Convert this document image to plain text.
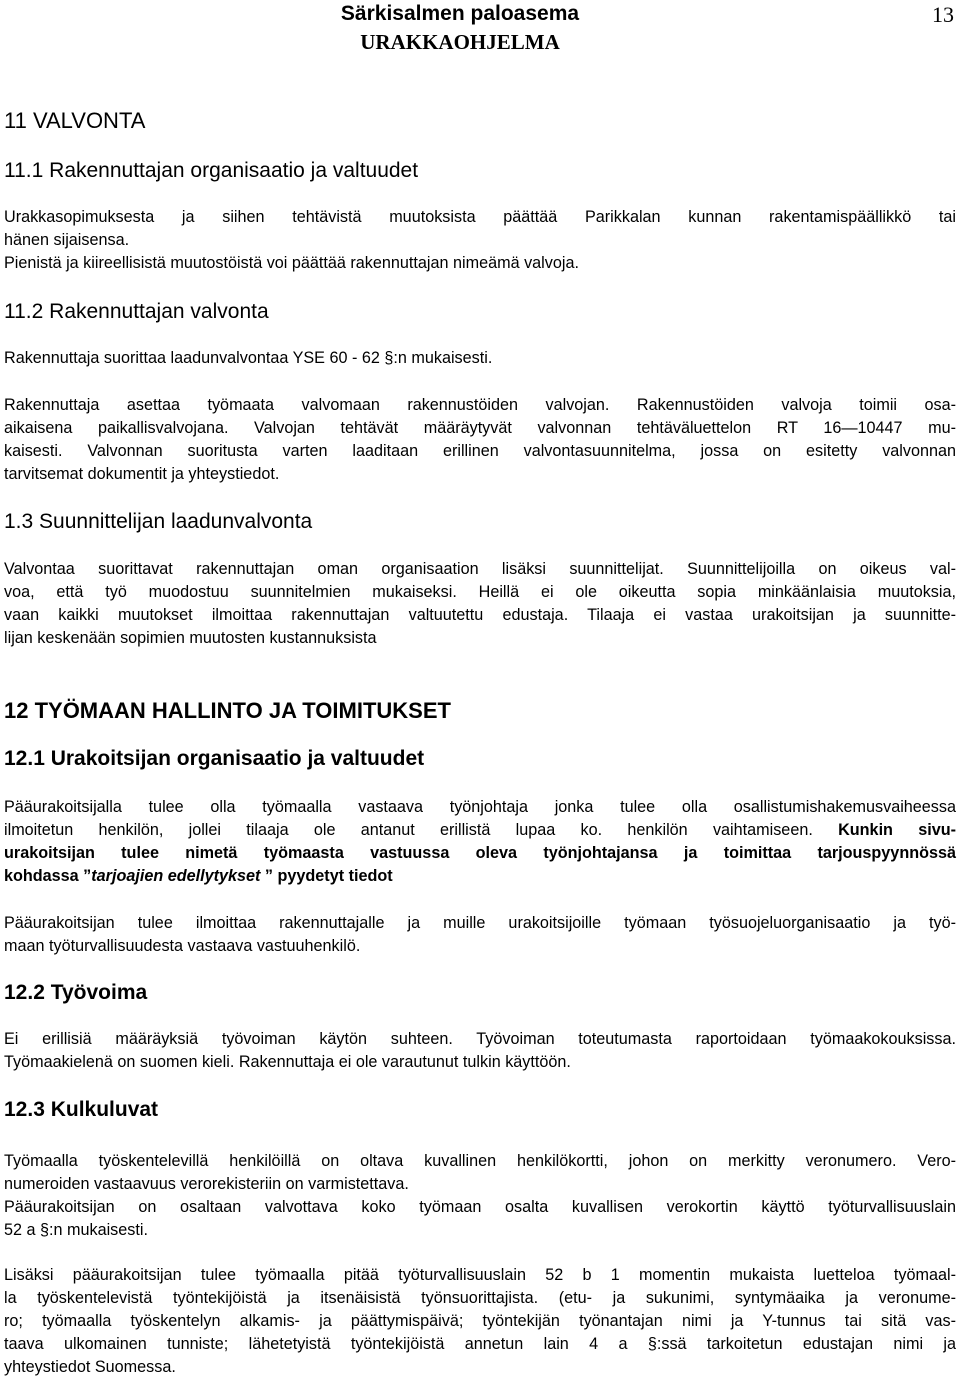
Särkisalmen paloasema
URAKKAOHJELMA
13
11 VALVONTA
11.1 Rakennuttajan organisaatio ja valtuudet
Urakkasopimuksesta ja siihen tehtävistä muutoksista päättää Parikkalan kunnan rakentamispäällikkö tai
hänen sijaisensa.
Pienistä ja kiireellisistä muutostöistä voi päättää rakennuttajan nimeämä valvoja.
11.2 Rakennuttajan valvonta
Rakennuttaja suorittaa laadunvalvontaa YSE 60 - 62 §:n mukaisesti.
Rakennuttaja asettaa työmaata valvomaan rakennustöiden valvojan. Rakennustöiden valvoja toimii osa-
aikaisena paikallisvalvojana. Valvojan tehtävät määräytyvät valvonnan tehtäväluettelon RT 16—10447 mu-
kaisesti. Valvonnan suoritusta varten laaditaan erillinen valvontasuunnitelma, jossa on esitetty valvonnan
tarvitsemat dokumentit ja yhteystiedot.
1.3 Suunnittelijan laadunvalvonta
Valvontaa suorittavat rakennuttajan oman organisaation lisäksi suunnittelijat. Suunnittelijoilla on oikeus val-
voa, että työ muodostuu suunnitelmien mukaiseksi. Heillä ei ole oikeutta sopia minkäänlaisia muutoksia,
vaan kaikki muutokset ilmoittaa rakennuttajan valtuutettu edustaja. Tilaaja ei vastaa urakoitsijan ja suunnitte-
lijan keskenään sopimien muutosten kustannuksista
12 TYÖMAAN HALLINTO JA TOIMITUKSET
12.1 Urakoitsijan organisaatio ja valtuudet
Pääurakoitsijalla tulee olla työmaalla vastaava työnjohtaja jonka tulee olla osallistumishakemusvaiheessa
ilmoitetun henkilön, jollei tilaaja ole antanut erillistä lupaa ko. henkilön vaihtamiseen. Kunkin sivu-
urakoitsijan tulee nimetä työmaasta vastuussa oleva työnjohtajansa ja toimittaa tarjouspyynnössä
kohdassa ”tarjoajien edellytykset ” pyydetyt tiedot
Pääurakoitsijan tulee ilmoittaa rakennuttajalle ja muille urakoitsijoille työmaan työsuojeluorganisaatio ja työ-
maan työturvallisuudesta vastaava vastuuhenkilö.
12.2 Työvoima
Ei erillisiä määräyksiä työvoiman käytön suhteen. Työvoiman toteutumasta raportoidaan työmaakokouksissa.
Työmaakielenä on suomen kieli. Rakennuttaja ei ole varautunut tulkin käyttöön.
12.3 Kulkuluvat
Työmaalla työskentelevillä henkilöillä on oltava kuvallinen henkilökortti, johon on merkitty veronumero. Vero-
numeroiden vastaavuus verorekisteriin on varmistettava.
Pääurakoitsijan on osaltaan valvottava koko työmaan osalta kuvallisen verokortin käyttö työturvallisuuslain
52 a §:n mukaisesti.
Lisäksi pääurakoitsijan tulee työmaalla pitää työturvallisuuslain 52 b 1 momentin mukaista luetteloa työmaal-
la työskentelevistä työntekijöistä ja itsenäisistä työnsuorittajista. (etu- ja sukunimi, syntymäaika ja veronume-
ro; työmaalla työskentelyn alkamis- ja päättymispäivä; työntekijän työnantajan nimi ja Y-tunnus tai sitä vas-
taava ulkomainen tunniste; lähetetyistä työntekijöistä annetun lain 4 a §:ssä tarkoitetun edustajan nimi ja
yhteystiedot Suomessa.
